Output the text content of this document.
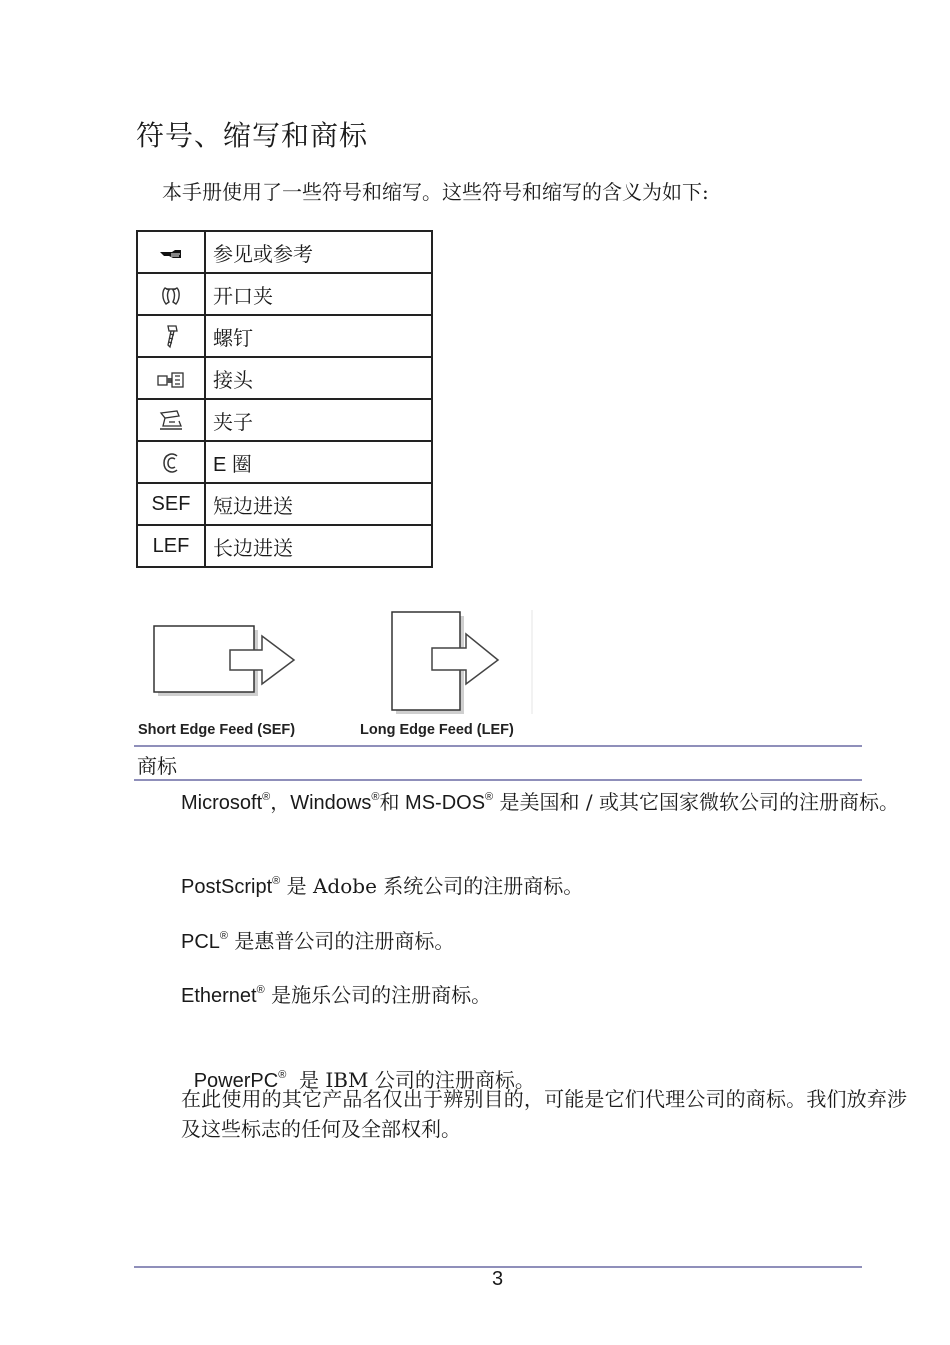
符号、缩写和商标
本手册使用了一些符号和缩写。这些符号和缩写的含义为如下:
	参见或参考
	开口夹
	螺钉
	接头
	夹子
	E 圈
SEF	短边进送
LEF	长边进送
Short Edge Feed (SEF)	Long Edge Feed (LEF)
商标
Microsoft®，Windows®和 MS-DOS® 是美国和 / 或其它国家微软公司的注册商标。
PostScript® 是 Adobe 系统公司的注册商标。
PCL® 是惠普公司的注册商标。
Ethernet® 是施乐公司的注册商标。

PowerPC®  是 IBM 公司的注册商标。

在此使用的其它产品名仅出于辨别目的，可能是它们代理公司的商标。我们放弃涉及这些标志的任何及全部权利。
3
